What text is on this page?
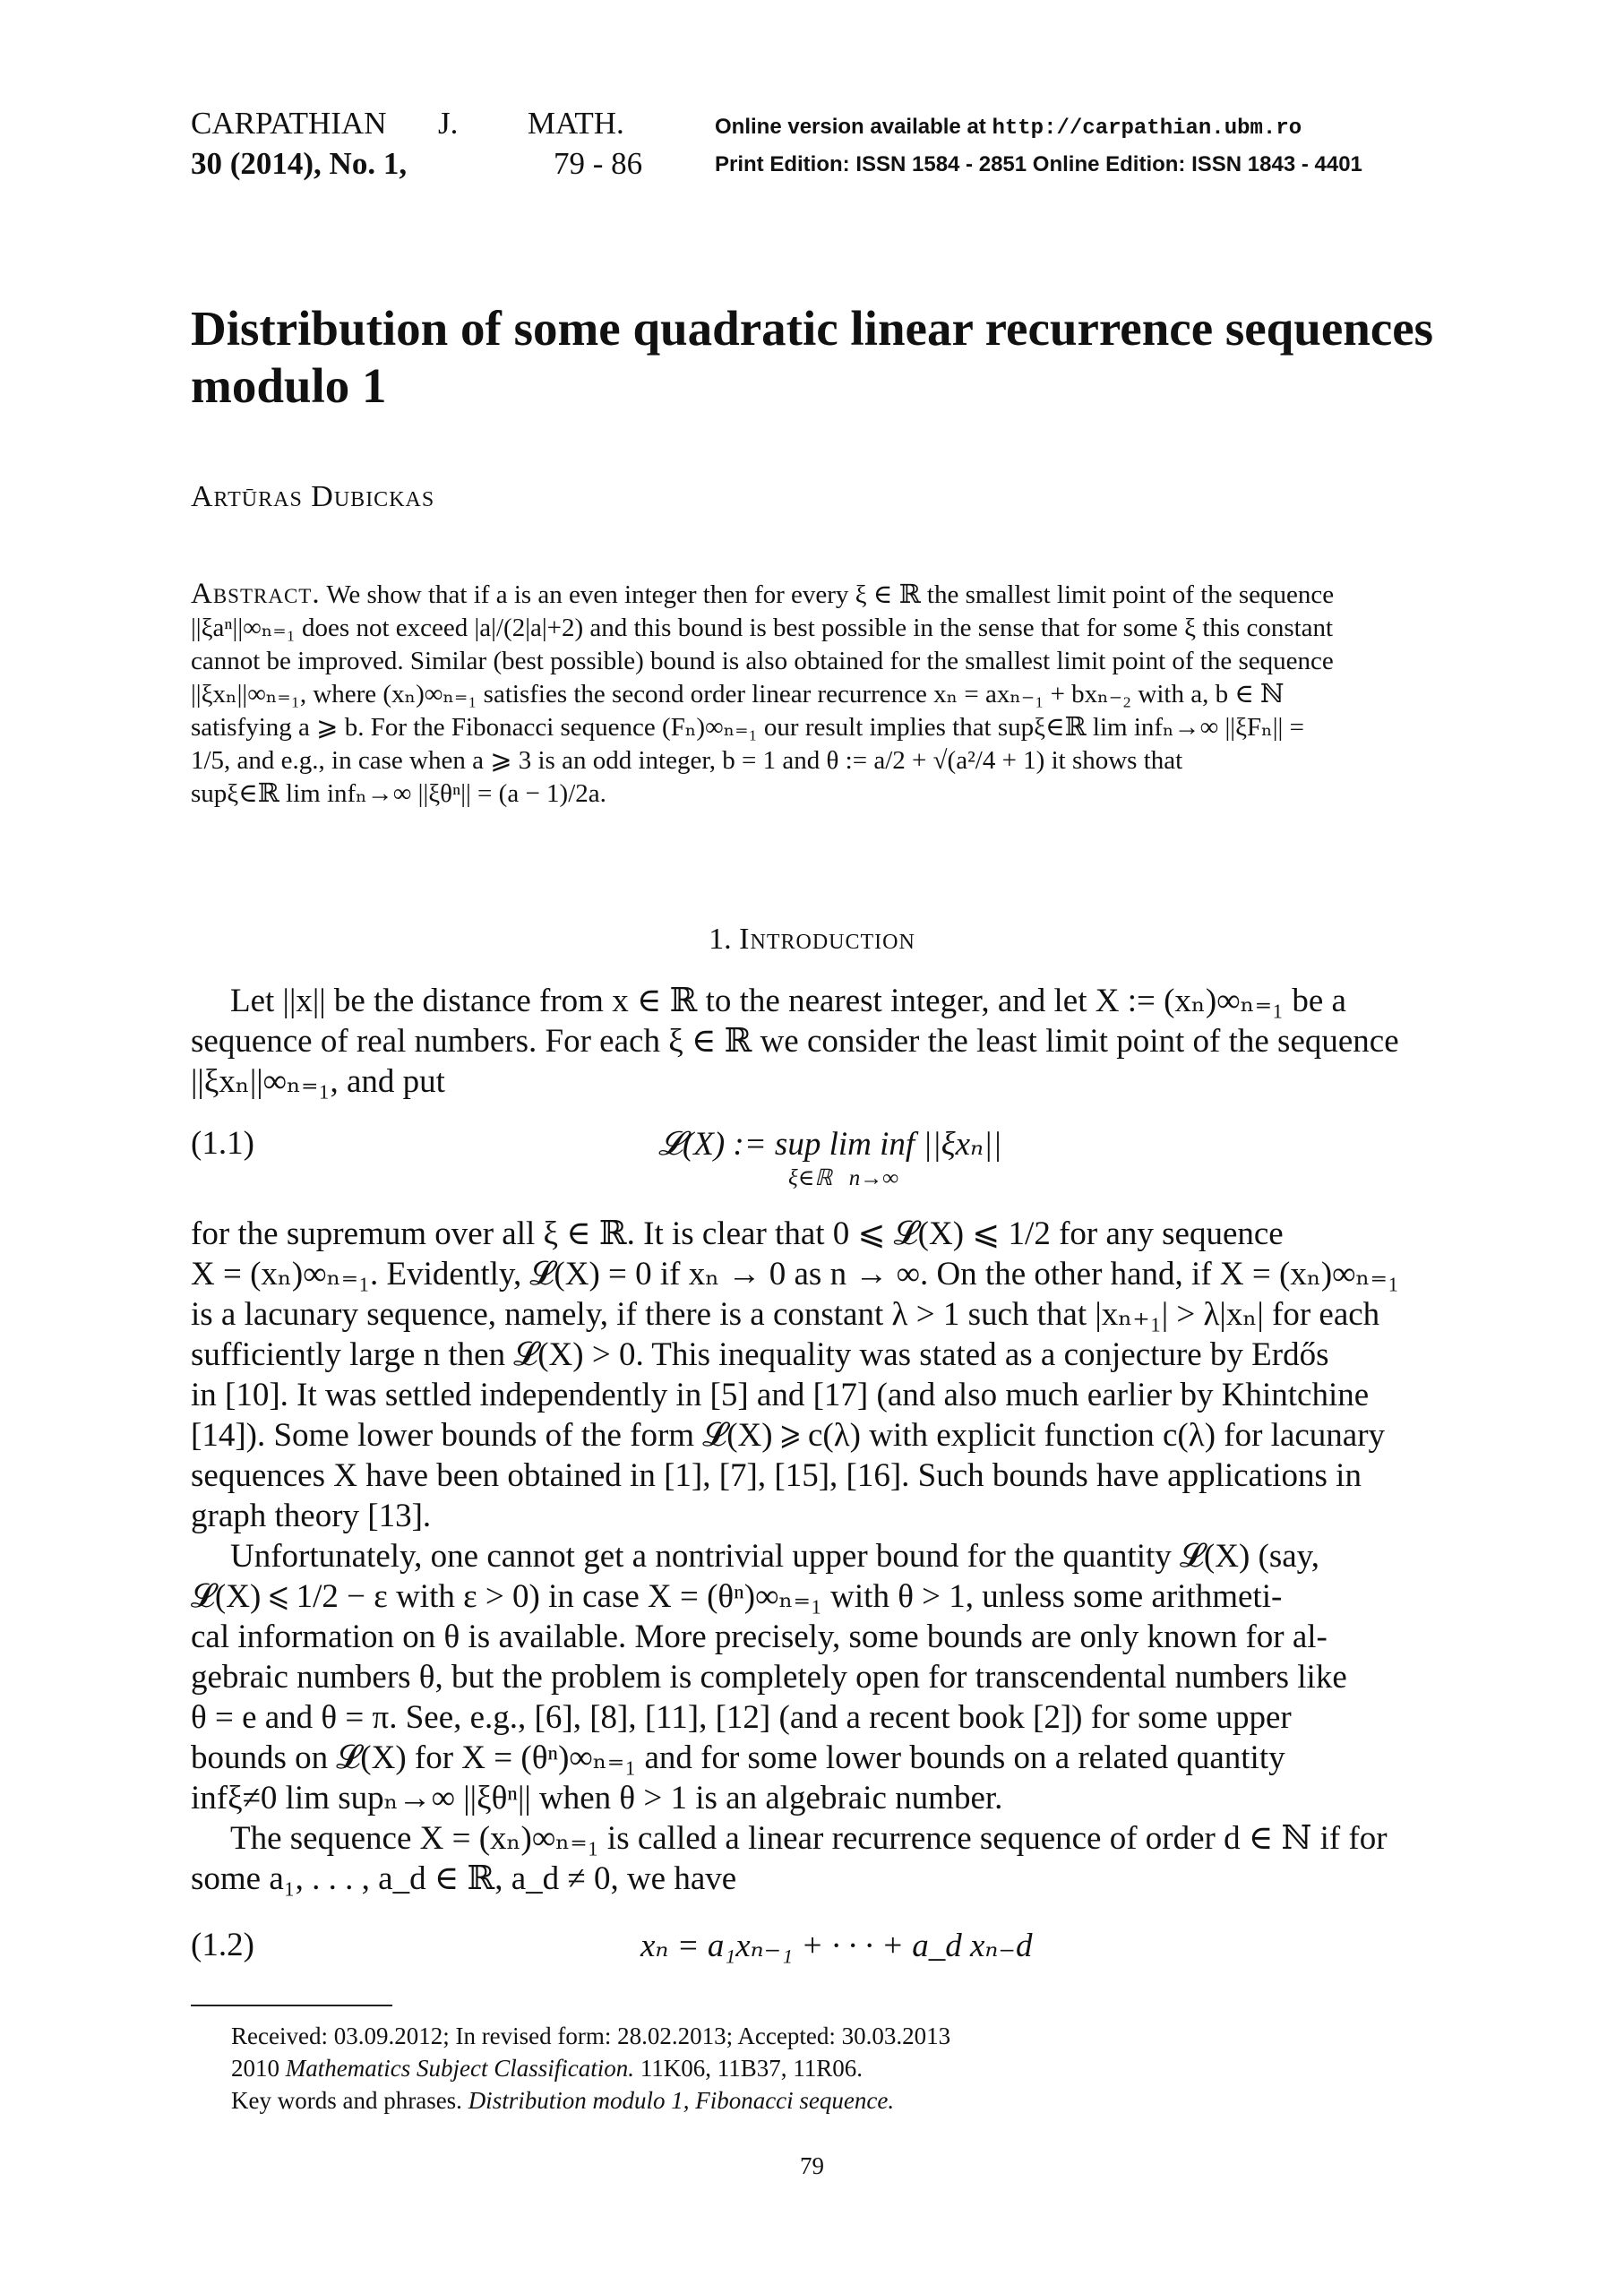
CARPATHIAN J. MATH.
30 (2014), No. 1,	79 - 86
Online version available at http://carpathian.ubm.ro
Print Edition: ISSN 1584 - 2851 Online Edition: ISSN 1843 - 4401
Distribution of some quadratic linear recurrence sequences
modulo 1
Artūras Dubickas
Abstract. We show that if a is an even integer then for every ξ ∈ ℝ the smallest limit point of the sequence
||ξaⁿ||∞ₙ₌₁ does not exceed |a|/(2|a|+2) and this bound is best possible in the sense that for some ξ this constant
cannot be improved. Similar (best possible) bound is also obtained for the smallest limit point of the sequence
||ξxₙ||∞ₙ₌₁, where (xₙ)∞ₙ₌₁ satisfies the second order linear recurrence xₙ = axₙ₋₁ + bxₙ₋₂ with a, b ∈ ℕ
satisfying a ⩾ b. For the Fibonacci sequence (Fₙ)∞ₙ₌₁ our result implies that supξ∈ℝ lim infₙ→∞ ||ξFₙ|| =
1/5, and e.g., in case when a ⩾ 3 is an odd integer, b = 1 and θ := a/2 + √(a²/4 + 1) it shows that
supξ∈ℝ lim infₙ→∞ ||ξθⁿ|| = (a − 1)/2a.
1. Introduction
Let ||x|| be the distance from x ∈ ℝ to the nearest integer, and let X := (xₙ)∞ₙ₌₁ be a
sequence of real numbers. For each ξ ∈ ℝ we consider the least limit point of the sequence
||ξxₙ||∞ₙ₌₁, and put
(1.1)	𝓛(X) := sup lim inf ||ξxₙ||
ξ∈ℝ   n→∞
for the supremum over all ξ ∈ ℝ. It is clear that 0 ⩽ 𝓛(X) ⩽ 1/2 for any sequence
X = (xₙ)∞ₙ₌₁. Evidently, 𝓛(X) = 0 if xₙ → 0 as n → ∞. On the other hand, if X = (xₙ)∞ₙ₌₁
is a lacunary sequence, namely, if there is a constant λ > 1 such that |xₙ₊₁| > λ|xₙ| for each
sufficiently large n then 𝓛(X) > 0. This inequality was stated as a conjecture by Erdős
in [10]. It was settled independently in [5] and [17] (and also much earlier by Khintchine
[14]). Some lower bounds of the form 𝓛(X) ⩾ c(λ) with explicit function c(λ) for lacunary
sequences X have been obtained in [1], [7], [15], [16]. Such bounds have applications in
graph theory [13].
Unfortunately, one cannot get a nontrivial upper bound for the quantity 𝓛(X) (say,
𝓛(X) ⩽ 1/2 − ε with ε > 0) in case X = (θⁿ)∞ₙ₌₁ with θ > 1, unless some arithmeti-
cal information on θ is available. More precisely, some bounds are only known for al-
gebraic numbers θ, but the problem is completely open for transcendental numbers like
θ = e and θ = π. See, e.g., [6], [8], [11], [12] (and a recent book [2]) for some upper
bounds on 𝓛(X) for X = (θⁿ)∞ₙ₌₁ and for some lower bounds on a related quantity
infξ≠0 lim supₙ→∞ ||ξθⁿ|| when θ > 1 is an algebraic number.
The sequence X = (xₙ)∞ₙ₌₁ is called a linear recurrence sequence of order d ∈ ℕ if for
some a₁, . . . , a_d ∈ ℝ, a_d ≠ 0, we have
(1.2)	xₙ = a₁xₙ₋₁ + · · · + a_d xₙ₋d
Received: 03.09.2012; In revised form: 28.02.2013; Accepted: 30.03.2013
2010 Mathematics Subject Classification. 11K06, 11B37, 11R06.
Key words and phrases. Distribution modulo 1, Fibonacci sequence.
79
